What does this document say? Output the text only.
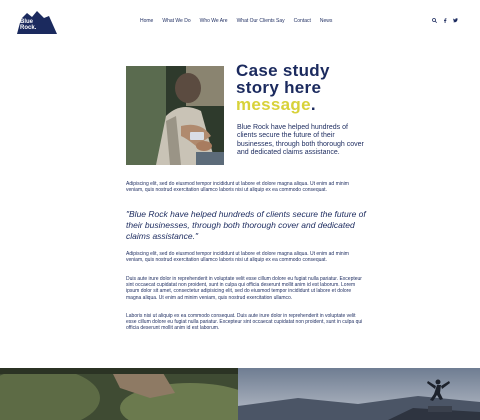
Blue
Rock.
Home What We Do Who We Are What Our Clients Say Contact News
Case study
story here
message.
Blue Rock have helped hundreds of clients secure the future of their businesses, through both thorough cover and dedicated claims assistance.
Adipiscing elit, sed do eiusmod tempor incididunt ut labore et dolore magna aliqua. Ut enim ad minim veniam, quis nostrud exercitation ullamco laboris nisi ut aliquip ex ea commodo consequat.
"Blue Rock have helped hundreds of clients secure the future of their businesses, through both thorough cover and dedicated claims assistance."
Adipiscing elit, sed do eiusmod tempor incididunt ut labore et dolore magna aliqua. Ut enim ad minim veniam, quis nostrud exercitation ullamco laboris nisi ut aliquip ex ea commodo consequat.
Duis aute irure dolor in reprehenderit in voluptate velit esse cillum dolore eu fugiat nulla pariatur. Excepteur sint occaecat cupidatat non proident, sunt in culpa qui officia deserunt mollit anim id est laborum. Lorem ipsum dolor sit amet, consectetur adipisicing elit, sed do eiusmod tempor incididunt ut labore et dolore magna aliqua. Ut enim ad minim veniam, quis nostrud exercitation ullamco.
Laboris nisi ut aliquip ex ea commodo consequat. Duis aute irure dolor in reprehenderit in voluptate velit esse cillum dolore eu fugiat nulla pariatur. Excepteur sint occaecat cupidatat non proident, sunt in culpa qui officia deserunt mollit anim id est laborum.
